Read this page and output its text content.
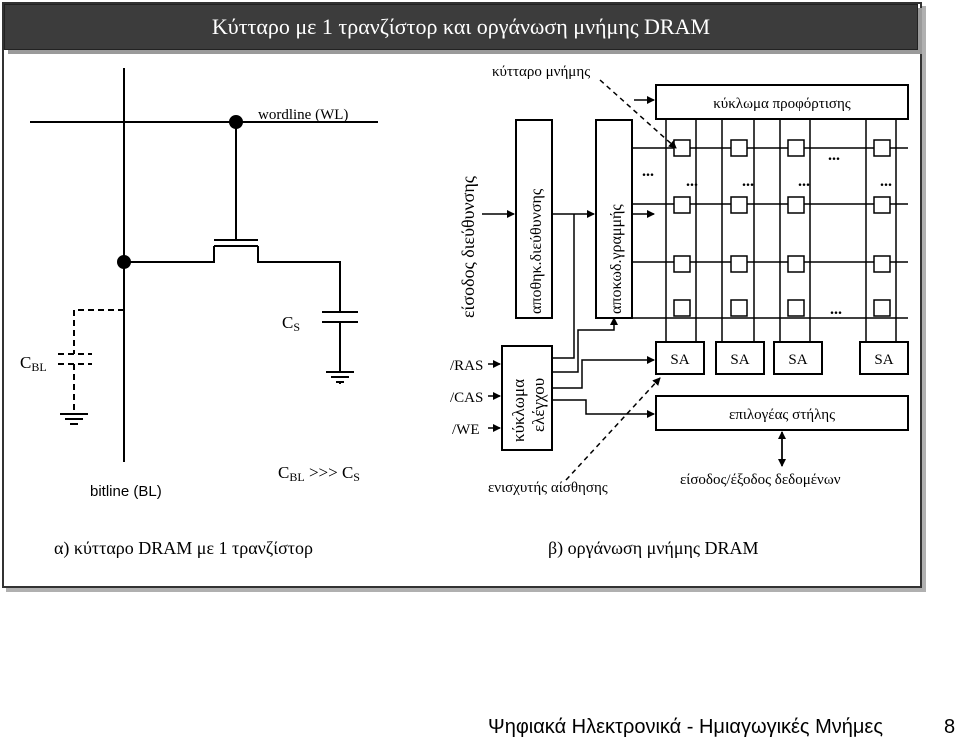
Κύτταρο με 1 τρανζίστορ και οργάνωση μνήμης DRAM
wordline (WL)
CS
CBL
bitline (BL)
CBL >>> CS
α) κύτταρο DRAM με 1 τρανζίστορ
είσοδος διεύθυνσης	αποθηκ.διεύθυνσης	αποκωδ.γραμμής
κύκλωμα ελέγχου
/RAS
/CAS
/WE
...
...	...	...
...
...
...
SA	SA	SA	SA
κύκλωμα προφόρτισης
επιλογέας στήλης
κύτταρο μνήμης
ενισχυτής αίσθησης	είσοδος/έξοδος δεδομένων
β) οργάνωση μνήμης DRAM
Ψηφιακά Ηλεκτρονικά - Ημιαγωγικές Μνήμες	8
